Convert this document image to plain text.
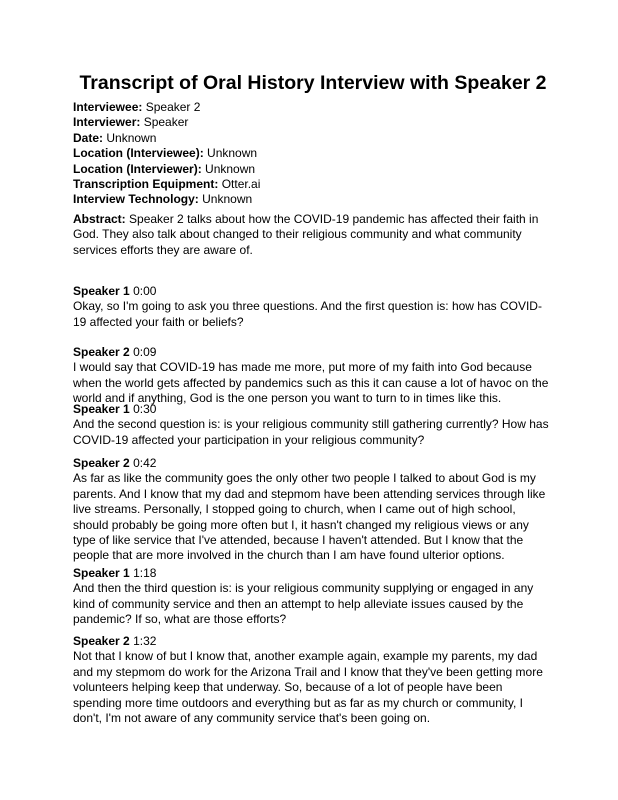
Transcript of Oral History Interview with Speaker 2
Interviewee: Speaker 2
Interviewer: Speaker
Date: Unknown
Location (Interviewee): Unknown
Location (Interviewer): Unknown
Transcription Equipment: Otter.ai
Interview Technology: Unknown
Abstract: Speaker 2 talks about how the COVID-19 pandemic has affected their faith in God. They also talk about changed to their religious community and what community services efforts they are aware of.
Speaker 1 0:00
Okay, so I'm going to ask you three questions. And the first question is: how has COVID-19 affected your faith or beliefs?
Speaker 2 0:09
I would say that COVID-19 has made me more, put more of my faith into God because when the world gets affected by pandemics such as this it can cause a lot of havoc on the world and if anything, God is the one person you want to turn to in times like this.
Speaker 1 0:30
And the second question is: is your religious community still gathering currently? How has COVID-19 affected your participation in your religious community?
Speaker 2 0:42
As far as like the community goes the only other two people I talked to about God is my parents. And I know that my dad and stepmom have been attending services through like live streams. Personally, I stopped going to church, when I came out of high school, should probably be going more often but I, it hasn't changed my religious views or any type of like service that I've attended, because I haven't attended. But I know that the people that are more involved in the church than I am have found ulterior options.
Speaker 1 1:18
And then the third question is: is your religious community supplying or engaged in any kind of community service and then an attempt to help alleviate issues caused by the pandemic? If so, what are those efforts?
Speaker 2 1:32
Not that I know of but I know that, another example again, example my parents, my dad and my stepmom do work for the Arizona Trail and I know that they've been getting more volunteers helping keep that underway. So, because of a lot of people have been spending more time outdoors and everything but as far as my church or community, I don't, I'm not aware of any community service that's been going on.
